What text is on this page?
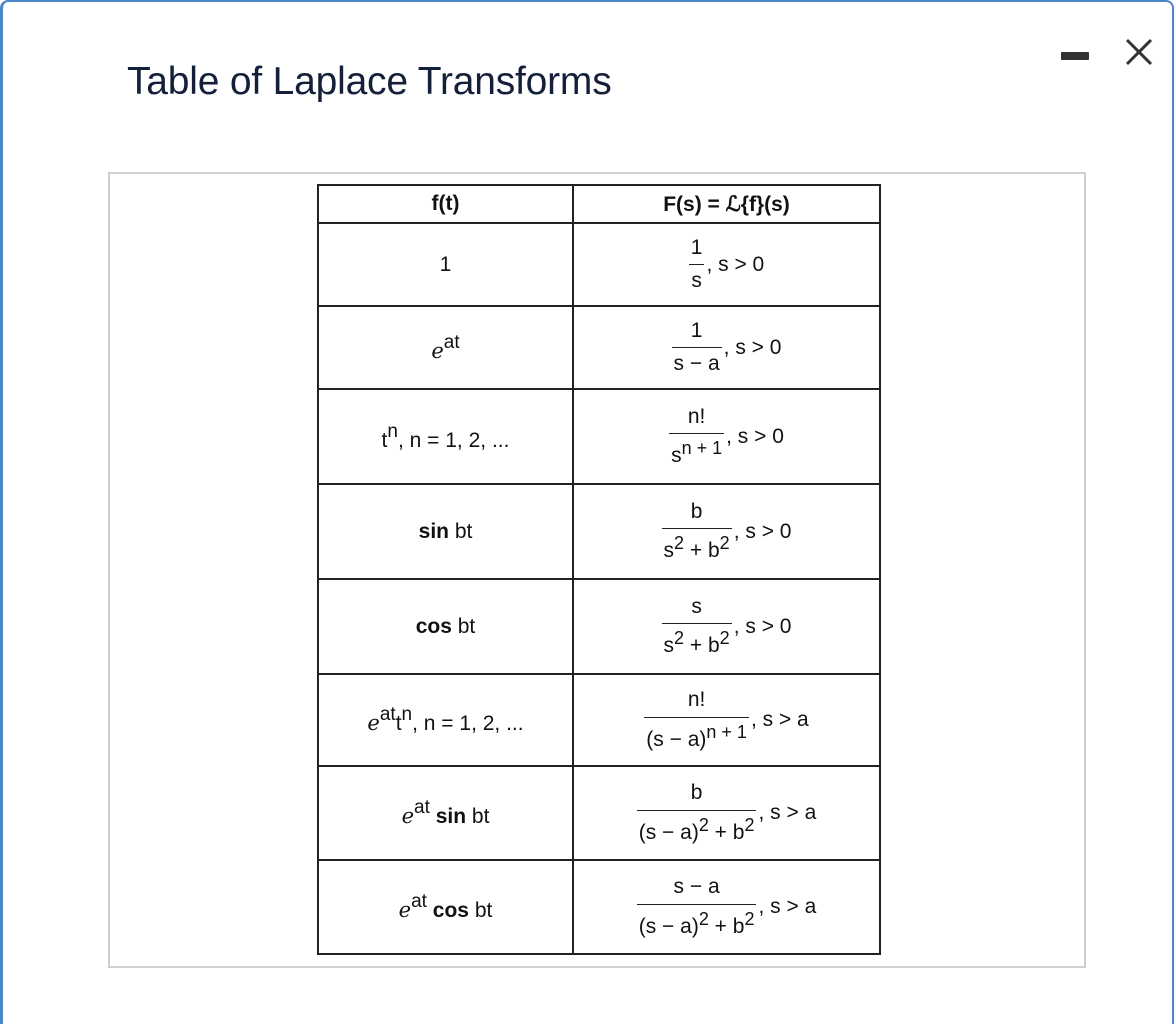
Table of Laplace Transforms
f(t)	F(s) = ℒ{f}(s)
1	$\frac{1}{s}$ , s > 0
eat	$\frac{1}{s - a}$ , s > 0
tn, n = 1, 2, ...	$\frac{n!}{sn + 1}$ , s > 0
sin bt	$\frac{b}{s2 + b2}$ , s > 0
cos bt	$\frac{s}{s2 + b2}$ , s > 0
eattn, n = 1, 2, ...	$\frac{n!}{(s - a)n + 1}$ , s > a
eat sin bt	$\frac{b}{(s - a)2 + b2}$ , s > a
eat cos bt	$\frac{s - a}{(s - a)2 + b2}$ , s > a
